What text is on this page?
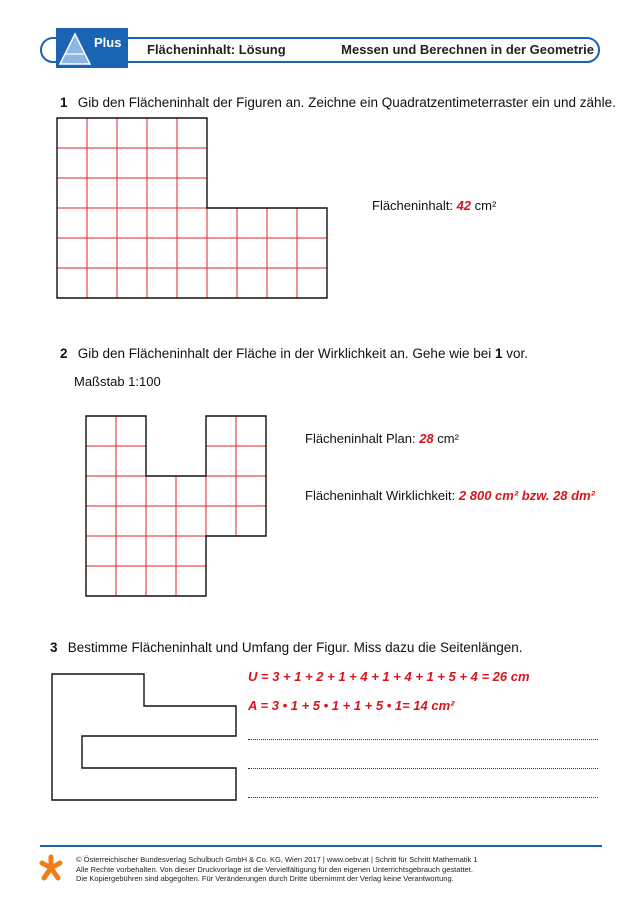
Plus Flächeninhalt: Lösung	Messen und Berechnen in der Geometrie
1 Gib den Flächeninhalt der Figuren an. Zeichne ein Quadratzentimeterraster ein und zähle.
Flächeninhalt: 42 cm²
2 Gib den Flächeninhalt der Fläche in der Wirklichkeit an. Gehe wie bei 1 vor.
Maßstab 1:100
Flächeninhalt Plan: 28 cm²
Flächeninhalt Wirklichkeit: 2 800 cm² bzw. 28 dm²
3 Bestimme Flächeninhalt und Umfang der Figur. Miss dazu die Seitenlängen.
U = 3 + 1 + 2 + 1 + 4 + 1 + 4 + 1 + 5 + 4 = 26 cm
A = 3 • 1 + 5 • 1 + 1 + 5 • 1= 14 cm²
© Österreichischer Bundesverlag Schulbuch GmbH & Co. KG, Wien 2017 | www.oebv.at | Schritt für Schritt Mathematik 1
Alle Rechte vorbehalten. Von dieser Druckvorlage ist die Vervielfältigung für den eigenen Unterrichtsgebrauch gestattet.
Die Kopiergebühren sind abgegolten. Für Veränderungen durch Dritte übernimmt der Verlag keine Verantwortung.
